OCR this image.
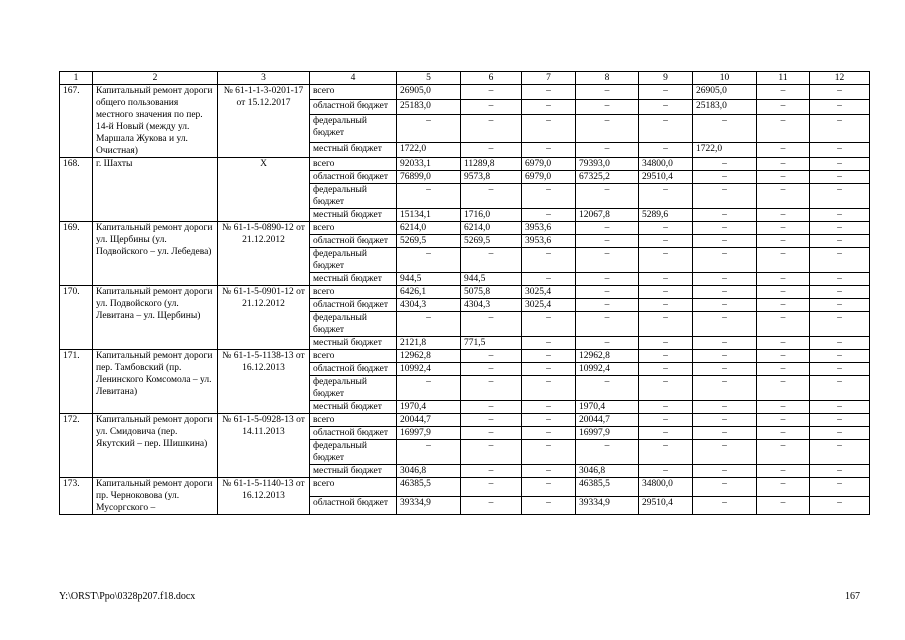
1	2	3	4	5	6	7	8	9	10	11	12
167.	Капитальный ремонт дороги общего пользования местного значения по пер. 14-й Новый (между ул. Маршала Жукова и ул. Очистная)	№ 61-1-1-3-0201-17 от 15.12.2017	всего	26905,0	–	–	–	–	26905,0	–	–
			областной бюджет	25183,0	–	–	–	–	25183,0	–	–
			федеральный бюджет	–	–	–	–	–	–	–	–
			местный бюджет	1722,0	–	–	–	–	1722,0	–	–
168.	г. Шахты	Х	всего	92033,1	11289,8	6979,0	79393,0	34800,0	–	–	–
			областной бюджет	76899,0	9573,8	6979,0	67325,2	29510,4	–	–	–
			федеральный бюджет	–	–	–	–	–	–	–	–
			местный бюджет	15134,1	1716,0	–	12067,8	5289,6	–	–	–
169.	Капитальный ремонт дороги ул. Щербины (ул. Подвойского – ул. Лебедева)	№ 61-1-5-0890-12 от 21.12.2012	всего	6214,0	6214,0	3953,6	–	–	–	–	–
			областной бюджет	5269,5	5269,5	3953,6	–	–	–	–	–
			федеральный бюджет	–	–	–	–	–	–	–	–
			местный бюджет	944,5	944,5	–	–	–	–	–	–
170.	Капитальный ремонт дороги ул. Подвойского (ул. Левитана – ул. Щербины)	№ 61-1-5-0901-12 от 21.12.2012	всего	6426,1	5075,8	3025,4	–	–	–	–	–
			областной бюджет	4304,3	4304,3	3025,4	–	–	–	–	–
			федеральный бюджет	–	–	–	–	–	–	–	–
			местный бюджет	2121,8	771,5	–	–	–	–	–	–
171.	Капитальный ремонт дороги пер. Тамбовский (пр. Ленинского Комсомола – ул. Левитана)	№ 61-1-5-1138-13 от 16.12.2013	всего	12962,8	–	–	12962,8	–	–	–	–
			областной бюджет	10992,4	–	–	10992,4	–	–	–	–
			федеральный бюджет	–	–	–	–	–	–	–	–
			местный бюджет	1970,4	–	–	1970,4	–	–	–	–
172.	Капитальный ремонт дороги ул. Смидовича (пер. Якутский – пер. Шишкина)	№ 61-1-5-0928-13 от 14.11.2013	всего	20044,7	–	–	20044,7	–	–	–	–
			областной бюджет	16997,9	–	–	16997,9	–	–	–	–
			федеральный бюджет	–	–	–	–	–	–	–	–
			местный бюджет	3046,8	–	–	3046,8	–	–	–	–
173.	Капитальный ремонт дороги пр. Черноковова (ул. Мусоргского –	№ 61-1-5-1140-13 от 16.12.2013	всего	46385,5	–	–	46385,5	34800,0	–	–	–
			областной бюджет	39334,9	–	–	39334,9	29510,4	–	–	–
Y:\ORST\Ppo\0328p207.f18.docx	167
